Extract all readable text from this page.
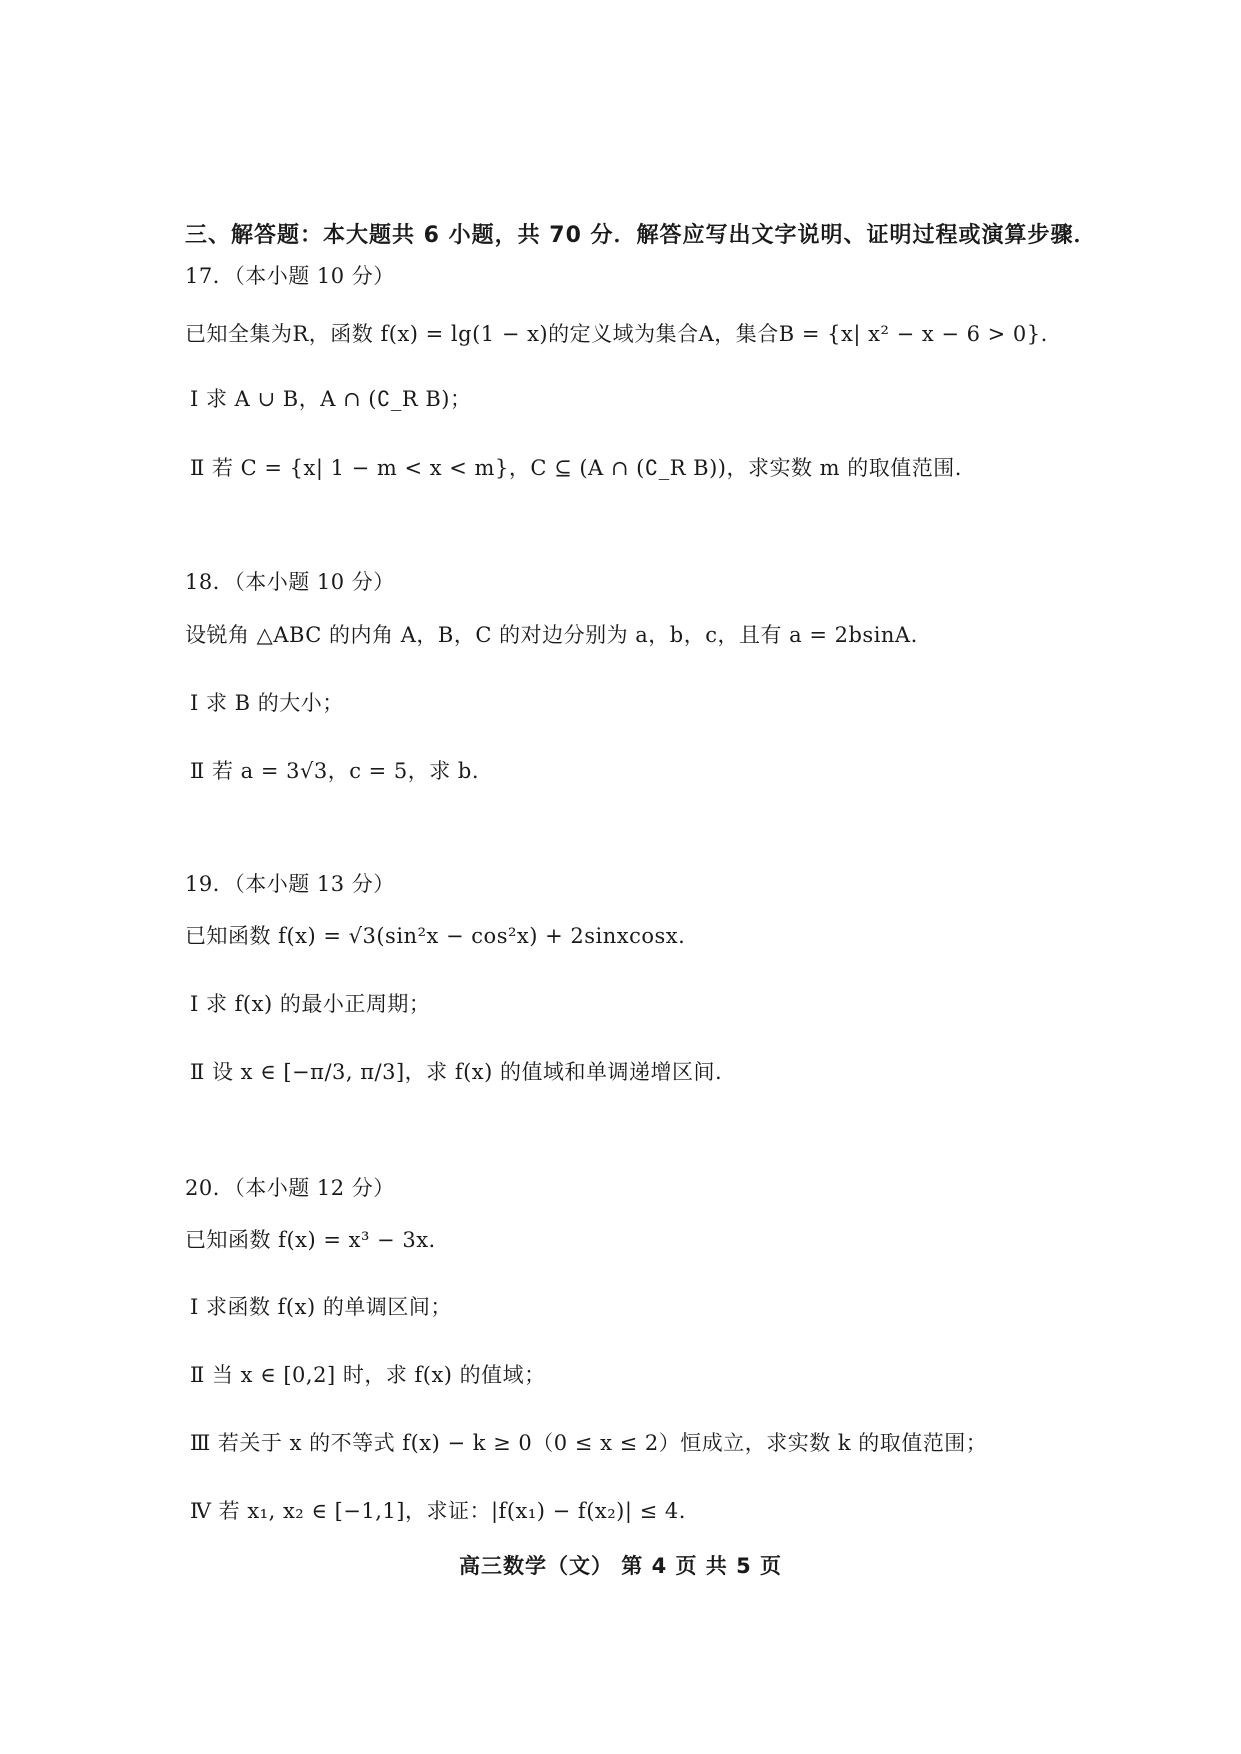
三、解答题：本大题共 6 小题，共 70 分．解答应写出文字说明、证明过程或演算步骤．
17．（本小题 10 分）
已知全集为R，函数 f(x) = lg(1 − x)的定义域为集合A，集合B = {x| x² − x − 6 > 0}.
Ⅰ 求 A ∪ B，A ∩ (∁_R B)；
Ⅱ 若 C = {x| 1 − m < x < m}，C ⊆ (A ∩ (∁_R B))，求实数 m 的取值范围.
18．（本小题 10 分）
设锐角 △ABC 的内角 A，B，C 的对边分别为 a，b，c，且有 a = 2bsinA.
Ⅰ 求 B 的大小；
Ⅱ 若 a = 3√3，c = 5，求 b.
19．（本小题 13 分）
已知函数 f(x) = √3(sin²x − cos²x) + 2sinxcosx.
Ⅰ 求 f(x) 的最小正周期；
Ⅱ 设 x ∈ [−π/3, π/3]，求 f(x) 的值域和单调递增区间.
20．（本小题 12 分）
已知函数 f(x) = x³ − 3x.
Ⅰ 求函数 f(x) 的单调区间；
Ⅱ 当 x ∈ [0,2] 时，求 f(x) 的值域；
Ⅲ 若关于 x 的不等式 f(x) − k ≥ 0（0 ≤ x ≤ 2）恒成立，求实数 k 的取值范围；
Ⅳ 若 x₁, x₂ ∈ [−1,1]，求证：|f(x₁) − f(x₂)| ≤ 4.
高三数学（文） 第 4 页 共 5 页
